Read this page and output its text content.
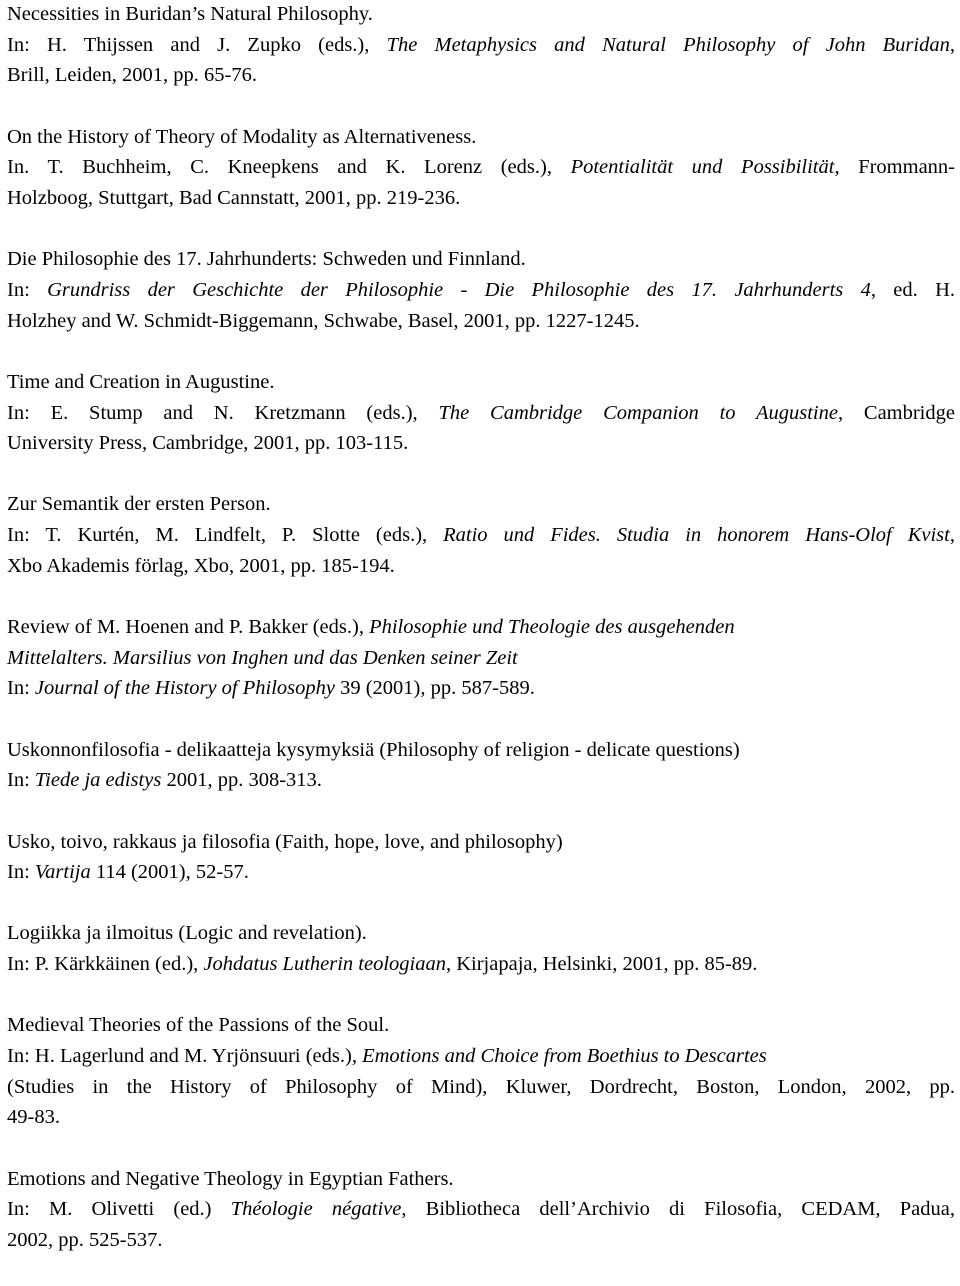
Necessities in Buridan’s Natural Philosophy.
In: H. Thijssen and J. Zupko (eds.), The Metaphysics and Natural Philosophy of John Buridan,
Brill, Leiden, 2001, pp. 65-76.
On the History of Theory of Modality as Alternativeness.
In. T. Buchheim, C. Kneepkens and K. Lorenz (eds.), Potentialität und Possibilität, Frommann-
Holzboog, Stuttgart, Bad Cannstatt, 2001, pp. 219-236.
Die Philosophie des 17. Jahrhunderts: Schweden und Finnland.
In: Grundriss der Geschichte der Philosophie - Die Philosophie des 17. Jahrhunderts 4, ed. H.
Holzhey and W. Schmidt-Biggemann, Schwabe, Basel, 2001, pp. 1227-1245.
Time and Creation in Augustine.
In: E. Stump and N. Kretzmann (eds.), The Cambridge Companion to Augustine, Cambridge
University Press, Cambridge, 2001, pp. 103-115.
Zur Semantik der ersten Person.
In: T. Kurtén, M. Lindfelt, P. Slotte (eds.), Ratio und Fides. Studia in honorem Hans-Olof Kvist,
Xbo Akademis förlag, Xbo, 2001, pp. 185-194.
Review of M. Hoenen and P. Bakker (eds.), Philosophie und Theologie des ausgehenden
Mittelalters. Marsilius von Inghen und das Denken seiner Zeit
In: Journal of the History of Philosophy 39 (2001), pp. 587-589.
Uskonnonfilosofia - delikaatteja kysymyksiä (Philosophy of religion - delicate questions)
In: Tiede ja edistys 2001, pp. 308-313.
Usko, toivo, rakkaus ja filosofia (Faith, hope, love, and philosophy)
In: Vartija 114 (2001), 52-57.
Logiikka ja ilmoitus (Logic and revelation).
In: P. Kärkkäinen (ed.), Johdatus Lutherin teologiaan, Kirjapaja, Helsinki, 2001, pp. 85-89.
Medieval Theories of the Passions of the Soul.
In: H. Lagerlund and M. Yrjönsuuri (eds.), Emotions and Choice from Boethius to Descartes
(Studies in the History of Philosophy of Mind), Kluwer, Dordrecht, Boston, London, 2002, pp.
49-83.
Emotions and Negative Theology in Egyptian Fathers.
In: M. Olivetti (ed.) Théologie négative, Bibliotheca dell’Archivio di Filosofia, CEDAM, Padua,
2002, pp. 525-537.
